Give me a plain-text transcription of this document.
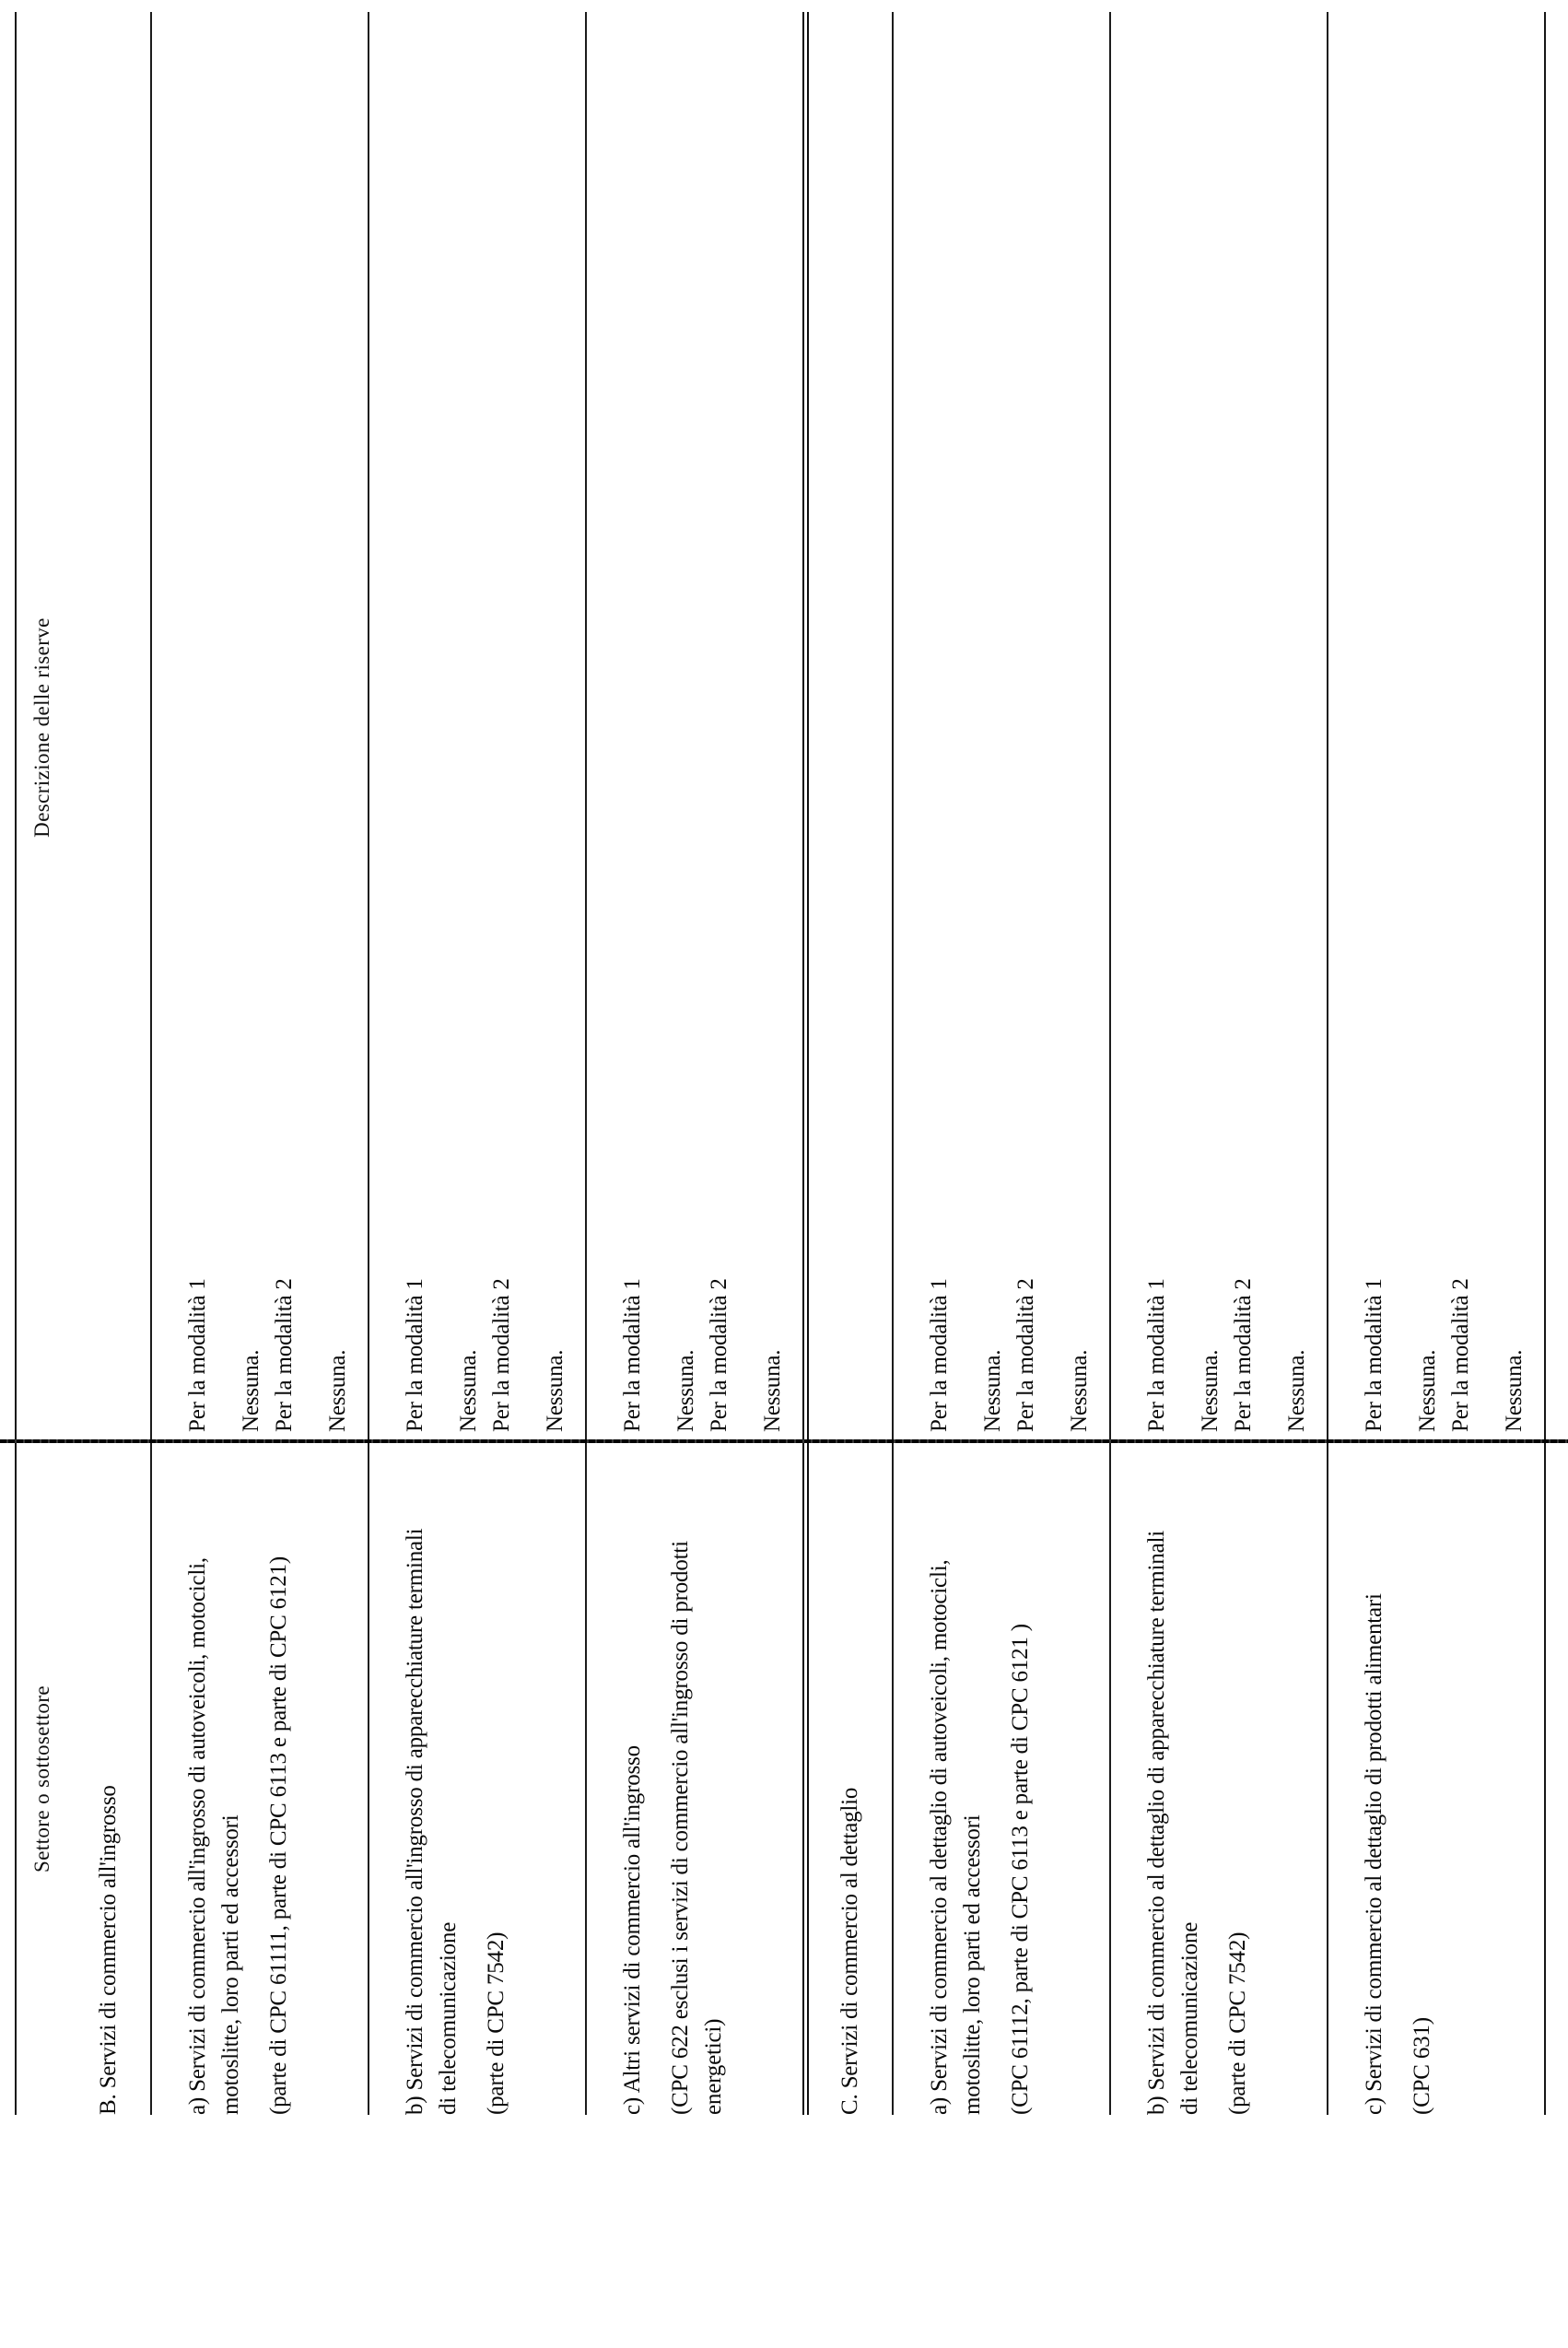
Settore o sottosettore
Descrizione delle riserve
B. Servizi di commercio all'ingrosso	a) Servizi di commercio all'ingrosso di autoveicoli, motocicli, motoslitte, loro parti ed accessori (parte di CPC 61111, parte di CPC 6113 e parte di CPC 6121)
Per la modalità 1 Nessuna. Per la modalità 2 Nessuna.
b) Servizi di commercio all'ingrosso di apparecchiature terminali di telecomunicazione (parte di CPC 7542)
Per la modalità 1 Nessuna. Per la modalità 2 Nessuna.
c) Altri servizi di commercio all'ingrosso (CPC 622 esclusi i servizi di commercio all'ingrosso di prodotti energetici)
Per la modalità 1 Nessuna. Per la modalità 2 Nessuna.
C. Servizi di commercio al dettaglio	a) Servizi di commercio al dettaglio di autoveicoli, motocicli, motoslitte, loro parti ed accessori (CPC 61112, parte di CPC 6113 e parte di CPC 6121 )
Per la modalità 1 Nessuna. Per la modalità 2 Nessuna.
b) Servizi di commercio al dettaglio di apparecchiature terminali di telecomunicazione (parte di CPC 7542)
Per la modalità 1 Nessuna. Per la modalità 2 Nessuna.
c) Servizi di commercio al dettaglio di prodotti alimentari (CPC 631)
Per la modalità 1 Nessuna. Per la modalità 2 Nessuna.
